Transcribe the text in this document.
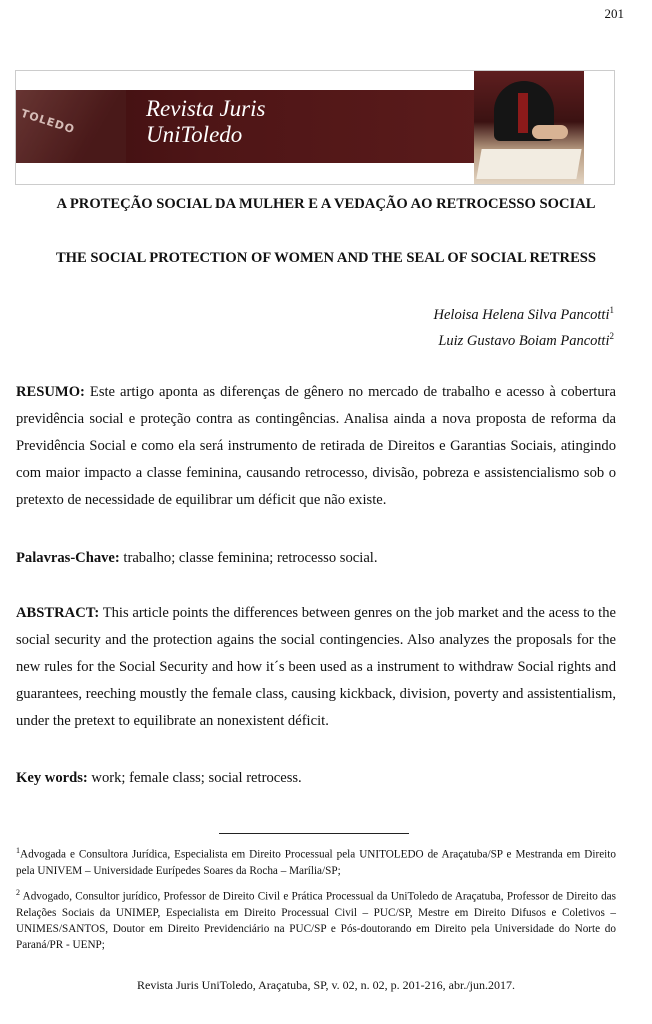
201
TOLEDO	Revista Juris
UniToledo
A PROTEÇÃO SOCIAL DA MULHER E A VEDAÇÃO AO RETROCESSO SOCIAL
THE SOCIAL PROTECTION OF WOMEN AND THE SEAL OF SOCIAL RETRESS
Heloisa Helena Silva Pancotti$^1$
Luiz Gustavo Boiam Pancotti$^2$
RESUMO: Este artigo aponta as diferenças de gênero no mercado de trabalho e acesso à cobertura previdência social e proteção contra as contingências. Analisa ainda a nova proposta de reforma da Previdência Social e como ela será instrumento de retirada de Direitos e Garantias Sociais, atingindo com maior impacto a classe feminina, causando retrocesso, divisão, pobreza e assistencialismo sob o pretexto de necessidade de equilibrar um déficit que não existe.
Palavras-Chave: trabalho; classe feminina; retrocesso social.
ABSTRACT: This article points the differences between genres on the job market and the acess to the social security and the protection agains the social contingencies. Also analyzes the proposals for the new rules for the Social Security and how it´s been used as a instrument to withdraw Social rights and guarantees, reeching moustly the female class, causing kickback, division, poverty and assistentialism, under the pretext to equilibrate an nonexistent déficit.
Key words: work; female class; social retrocess.
$^1$Advogada e Consultora Jurídica, Especialista em Direito Processual pela UNITOLEDO de Araçatuba/SP e Mestranda em Direito pela UNIVEM – Universidade Eurípedes Soares da Rocha – Marília/SP;
$^2$ Advogado, Consultor jurídico, Professor de Direito Civil e Prática Processual da UniToledo de Araçatuba, Professor de Direito das Relações Sociais da UNIMEP, Especialista em Direito Processual Civil – PUC/SP, Mestre em Direito Difusos e Coletivos – UNIMES/SANTOS, Doutor em Direito Previdenciário na PUC/SP e Pós-doutorando em Direito pela Universidade do Norte do Paraná/PR - UENP;
Revista Juris UniToledo, Araçatuba, SP, v. 02, n. 02, p. 201-216, abr./jun.2017.
